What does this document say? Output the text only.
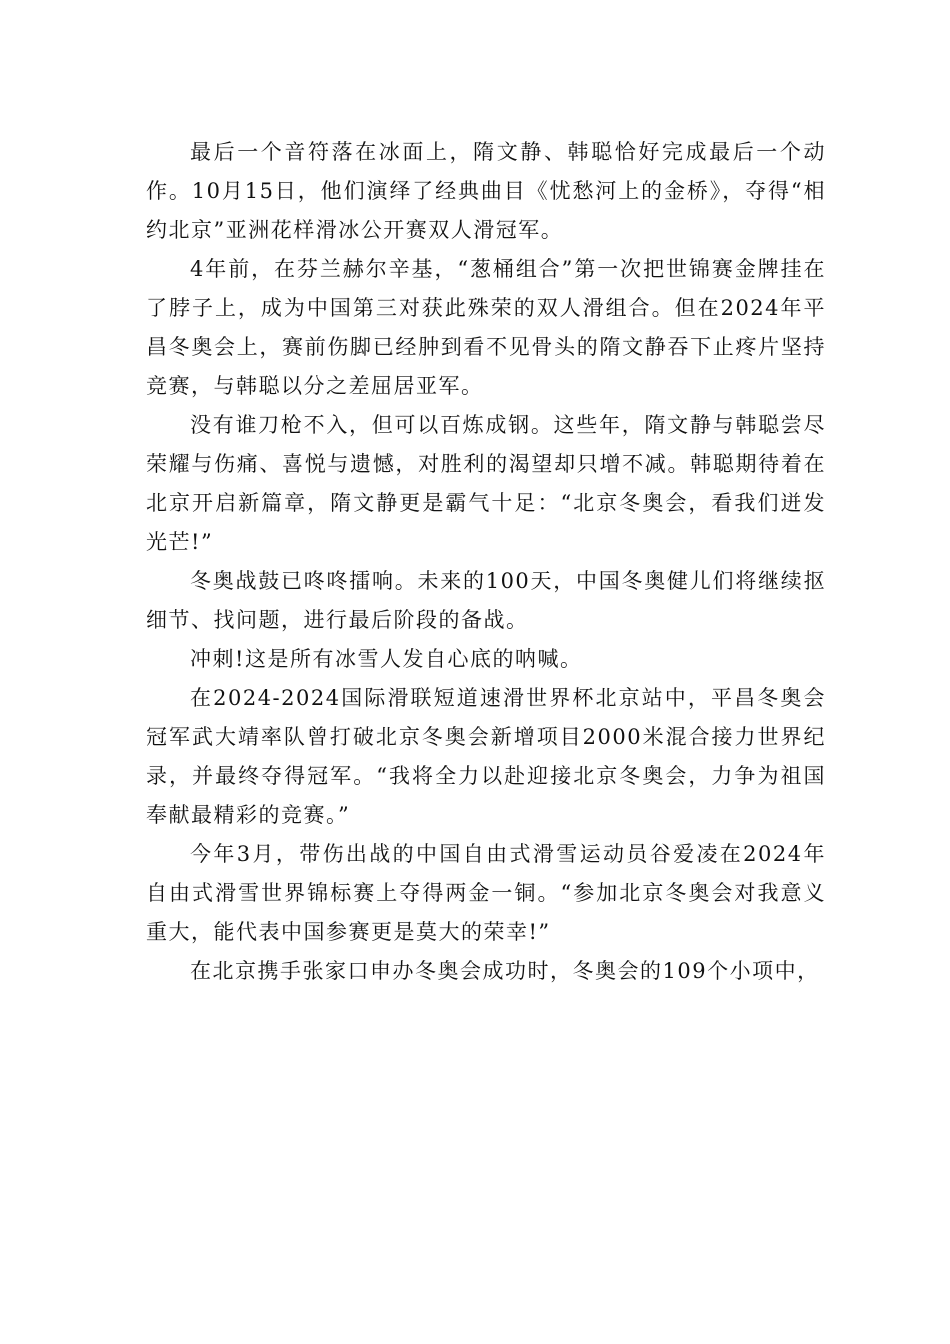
最后一个音符落在冰面上，隋文静、韩聪恰好完成最后一个动作。10月15日，他们演绎了经典曲目《忧愁河上的金桥》，夺得“相约北京”亚洲花样滑冰公开赛双人滑冠军。

4年前，在芬兰赫尔辛基，“葱桶组合”第一次把世锦赛金牌挂在了脖子上，成为中国第三对获此殊荣的双人滑组合。但在2024年平昌冬奥会上，赛前伤脚已经肿到看不见骨头的隋文静吞下止疼片坚持竞赛，与韩聪以分之差屈居亚军。

没有谁刀枪不入，但可以百炼成钢。这些年，隋文静与韩聪尝尽荣耀与伤痛、喜悦与遗憾，对胜利的渴望却只增不减。韩聪期待着在北京开启新篇章，隋文静更是霸气十足：“北京冬奥会，看我们迸发光芒!”

冬奥战鼓已咚咚擂响。未来的100天，中国冬奥健儿们将继续抠细节、找问题，进行最后阶段的备战。

冲刺!这是所有冰雪人发自心底的呐喊。

在2024-2024国际滑联短道速滑世界杯北京站中，平昌冬奥会冠军武大靖率队曾打破北京冬奥会新增项目2000米混合接力世界纪录，并最终夺得冠军。“我将全力以赴迎接北京冬奥会，力争为祖国奉献最精彩的竞赛。”

今年3月，带伤出战的中国自由式滑雪运动员谷爱凌在2024年自由式滑雪世界锦标赛上夺得两金一铜。“参加北京冬奥会对我意义重大，能代表中国参赛更是莫大的荣幸!”

在北京携手张家口申办冬奥会成功时，冬奥会的109个小项中，
